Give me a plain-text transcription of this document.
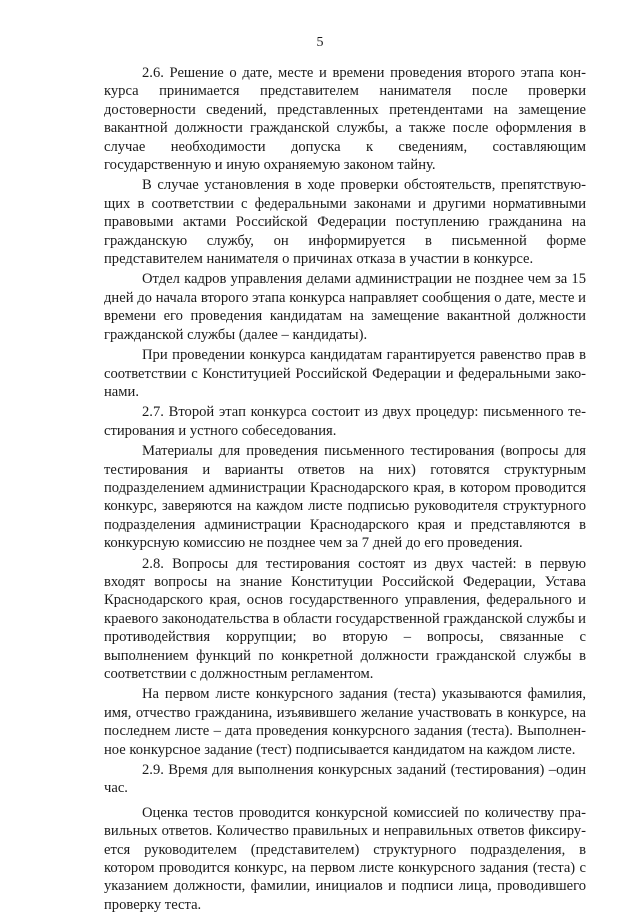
5

2.6. Решение о дате, месте и времени проведения второго этапа конкурса принимается представителем нанимателя после проверки достоверности сведений, представленных претендентами на замещение вакантной должности гражданской службы, а также после оформления в случае необходимости допуска к сведениям, составляющим государственную и иную охраняемую законом тайну.

В случае установления в ходе проверки обстоятельств, препятствующих в соответствии с федеральными законами и другими нормативными правовыми актами Российской Федерации поступлению гражданина на гражданскую службу, он информируется в письменной форме представителем нанимателя о причинах отказа в участии в конкурсе.

Отдел кадров управления делами администрации не позднее чем за 15 дней до начала второго этапа конкурса направляет сообщения о дате, месте и времени его проведения кандидатам на замещение вакантной должности гражданской службы (далее – кандидаты).

При проведении конкурса кандидатам гарантируется равенство прав в соответствии с Конституцией Российской Федерации и федеральными законами.

2.7. Второй этап конкурса состоит из двух процедур: письменного тестирования и устного собеседования.

Материалы для проведения письменного тестирования (вопросы для тестирования и варианты ответов на них) готовятся структурным подразделением администрации Краснодарского края, в котором проводится конкурс, заверяются на каждом листе подписью руководителя структурного подразделения администрации Краснодарского края и представляются в конкурсную комиссию не позднее чем за 7 дней до его проведения.

2.8. Вопросы для тестирования состоят из двух частей: в первую входят вопросы на знание Конституции Российской Федерации, Устава Краснодарского края, основ государственного управления, федерального и краевого законодательства в области государственной гражданской службы и противодействия коррупции; во вторую – вопросы, связанные с выполнением функций по конкретной должности гражданской службы в соответствии с должностным регламентом.

На первом листе конкурсного задания (теста) указываются фамилия, имя, отчество гражданина, изъявившего желание участвовать в конкурсе, на последнем листе – дата проведения конкурсного задания (теста). Выполненное конкурсное задание (тест) подписывается кандидатом на каждом листе.

2.9. Время для выполнения конкурсных заданий (тестирования) –один час.

Оценка тестов проводится конкурсной комиссией по количеству правильных ответов. Количество правильных и неправильных ответов фиксируется руководителем (представителем) структурного подразделения, в котором проводится конкурс, на первом листе конкурсного задания (теста) с указанием должности, фамилии, инициалов и подписи лица, проводившего проверку теста.
